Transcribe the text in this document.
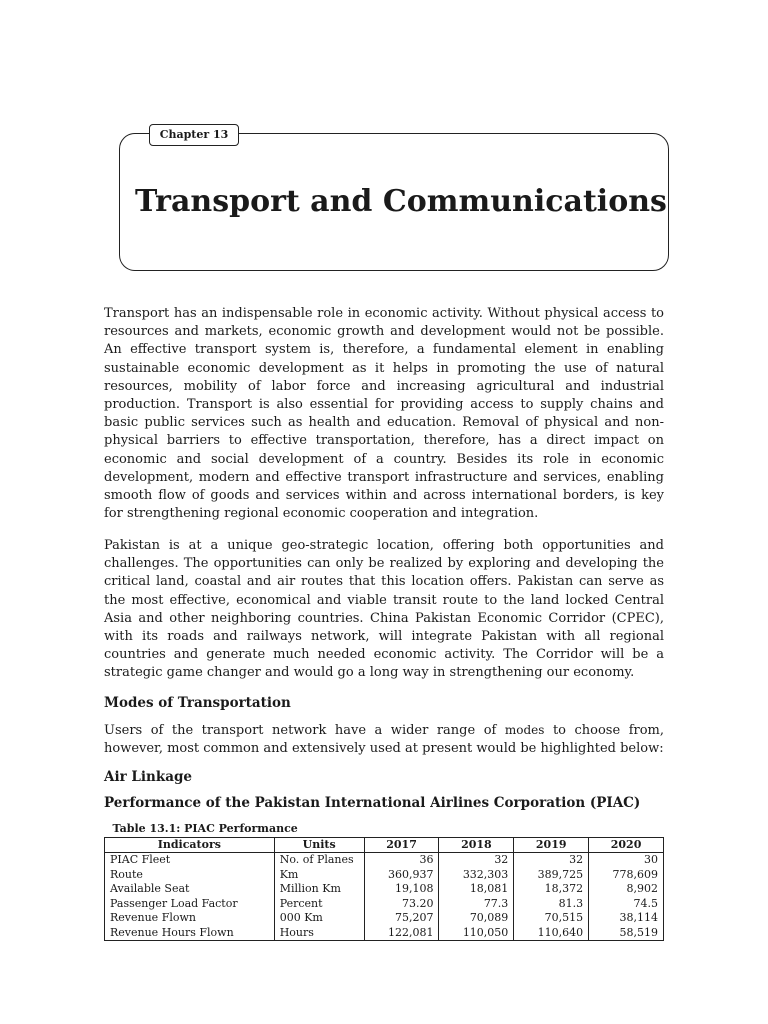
Chapter 13
Transport and Communications

Transport has an indispensable role in economic activity. Without physical access to resources and markets, economic growth and development would not be possible. An effective transport system is, therefore, a fundamental element in enabling sustainable economic development as it helps in promoting the use of natural resources, mobility of labor force and increasing agricultural and industrial production. Transport is also essential for providing access to supply chains and basic public services such as health and education. Removal of physical and non-physical barriers to effective transportation, therefore, has a direct impact on economic and social development of a country. Besides its role in economic development, modern and effective transport infrastructure and services, enabling smooth flow of goods and services within and across international borders, is key for strengthening regional economic cooperation and integration.

Pakistan is at a unique geo-strategic location, offering both opportunities and challenges. The opportunities can only be realized by exploring and developing the critical land, coastal and air routes that this location offers. Pakistan can serve as the most effective, economical and viable transit route to the land locked Central Asia and other neighboring countries. China Pakistan Economic Corridor (CPEC), with its roads and railways network, will integrate Pakistan with all regional countries and generate much needed economic activity. The Corridor will be a strategic game changer and would go a long way in strengthening our economy.

Modes of Transportation

Users of the transport network have a wider range of modes to choose from, however, most common and extensively used at present would be highlighted below:

Air Linkage
Performance of the Pakistan International Airlines Corporation (PIAC)
Table 13.1: PIAC Performance					
Indicators	Units	2017	2018	2019	2020
PIAC Fleet	No. of Planes	36	32	32	30
Route	Km	360,937	332,303	389,725	778,609
Available Seat	Million Km	19,108	18,081	18,372	8,902
Passenger Load Factor	Percent	73.20	77.3	81.3	74.5
Revenue Flown	000 Km	75,207	70,089	70,515	38,114
Revenue Hours Flown	Hours	122,081	110,050	110,640	58,519
